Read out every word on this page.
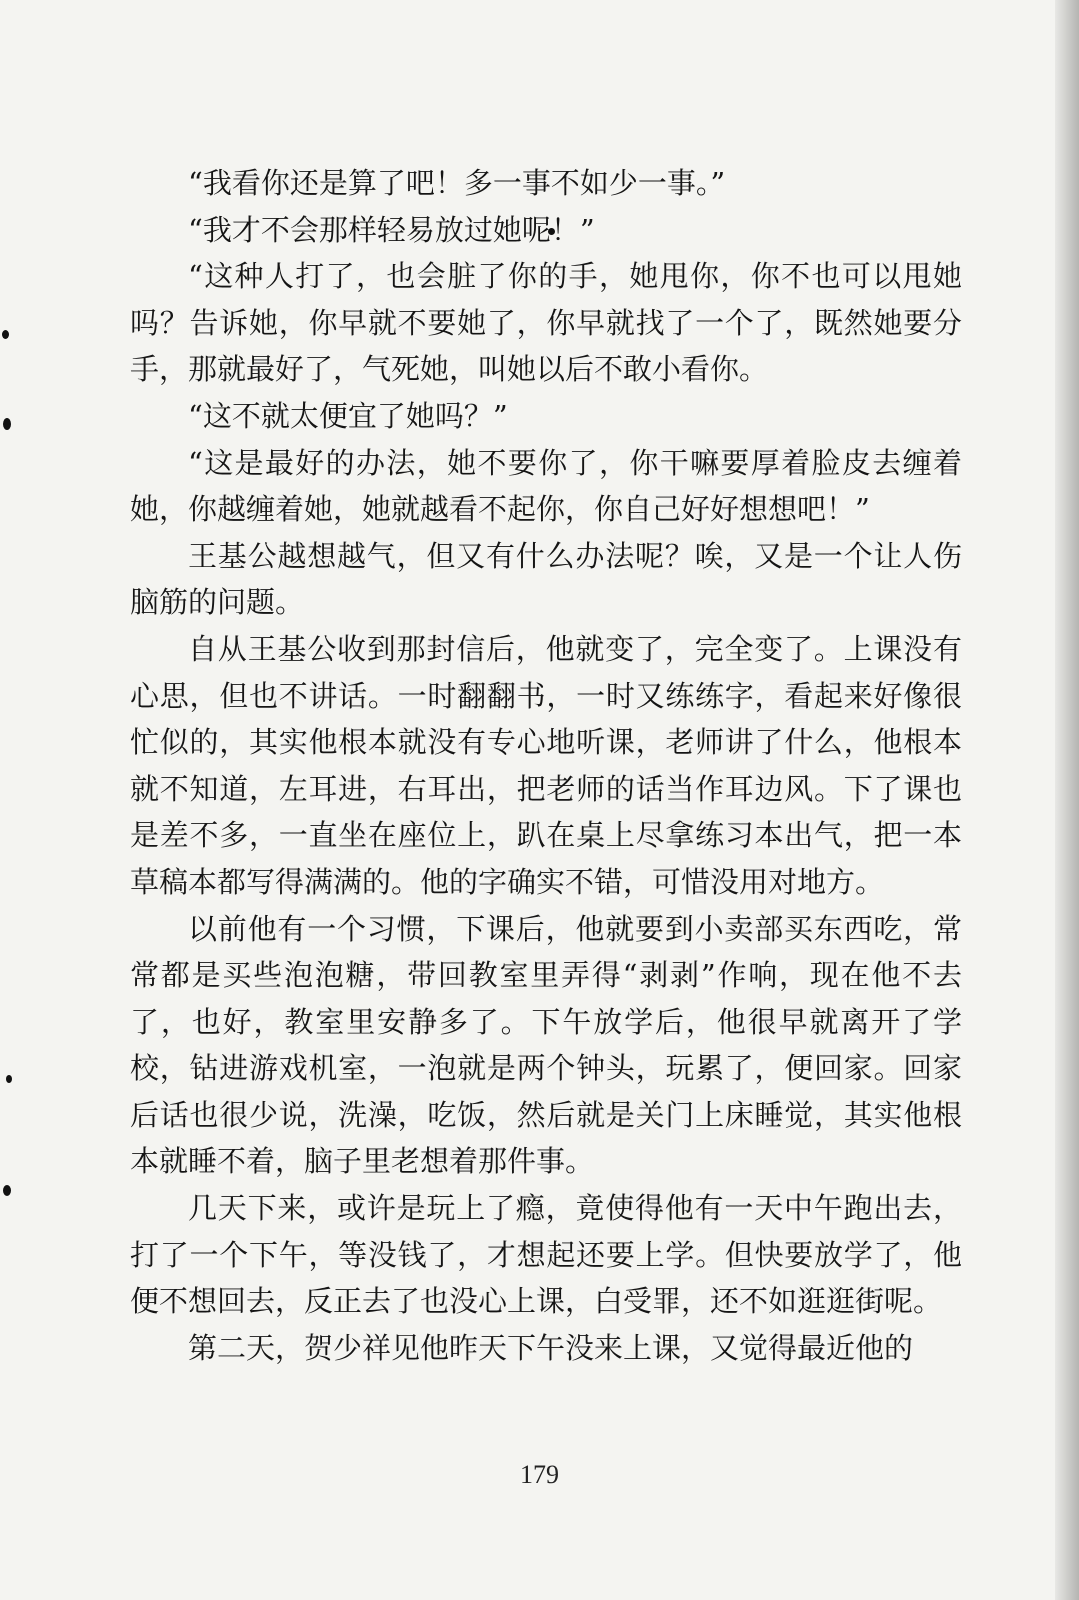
“我看你还是算了吧！多一事不如少一事。”

“我才不会那样轻易放过她呢！”

“这种人打了，也会脏了你的手，她甩你，你不也可以甩她吗？告诉她，你早就不要她了，你早就找了一个了，既然她要分手，那就最好了，气死她，叫她以后不敢小看你。

“这不就太便宜了她吗？”

“这是最好的办法，她不要你了，你干嘛要厚着脸皮去缠着她，你越缠着她，她就越看不起你，你自己好好想想吧！”

王基公越想越气，但又有什么办法呢？唉，又是一个让人伤脑筋的问题。

自从王基公收到那封信后，他就变了，完全变了。上课没有心思，但也不讲话。一时翻翻书，一时又练练字，看起来好像很忙似的，其实他根本就没有专心地听课，老师讲了什么，他根本就不知道，左耳进，右耳出，把老师的话当作耳边风。下了课也是差不多，一直坐在座位上，趴在桌上尽拿练习本出气，把一本草稿本都写得满满的。他的字确实不错，可惜没用对地方。

以前他有一个习惯，下课后，他就要到小卖部买东西吃，常常都是买些泡泡糖，带回教室里弄得“剥剥”作响，现在他不去了，也好，教室里安静多了。下午放学后，他很早就离开了学校，钻进游戏机室，一泡就是两个钟头，玩累了，便回家。回家后话也很少说，洗澡，吃饭，然后就是关门上床睡觉，其实他根本就睡不着，脑子里老想着那件事。

几天下来，或许是玩上了瘾，竟使得他有一天中午跑出去，打了一个下午，等没钱了，才想起还要上学。但快要放学了，他便不想回去，反正去了也没心上课，白受罪，还不如逛逛街呢。

第二天，贺少祥见他昨天下午没来上课，又觉得最近他的

179
